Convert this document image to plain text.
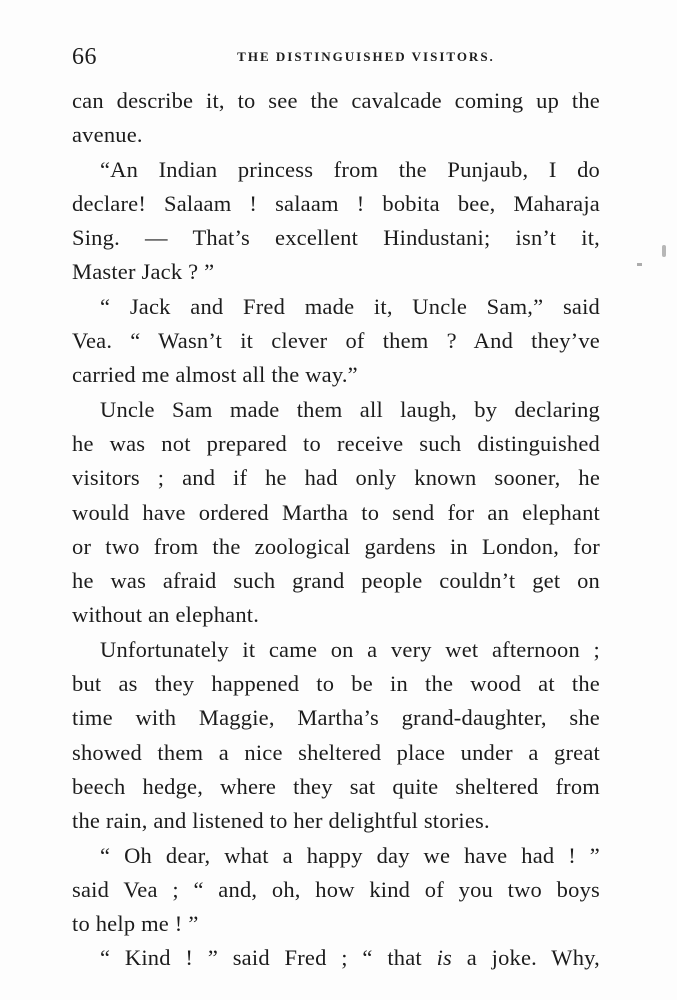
66	THE DISTINGUISHED VISITORS.
can describe it, to see the cavalcade coming up the
avenue.
“An Indian princess from the Punjaub, I do
declare! Salaam ! salaam ! bobita bee, Maharaja
Sing. — That’s excellent Hindustani; isn’t it,
Master Jack ? ”
“ Jack and Fred made it, Uncle Sam,” said
Vea. “ Wasn’t it clever of them ? And they’ve
carried me almost all the way.”
Uncle Sam made them all laugh, by declaring
he was not prepared to receive such distinguished
visitors ; and if he had only known sooner, he
would have ordered Martha to send for an elephant
or two from the zoological gardens in London, for
he was afraid such grand people couldn’t get on
without an elephant.
Unfortunately it came on a very wet afternoon ;
but as they happened to be in the wood at the
time with Maggie, Martha’s grand-daughter, she
showed them a nice sheltered place under a great
beech hedge, where they sat quite sheltered from
the rain, and listened to her delightful stories.
“ Oh dear, what a happy day we have had ! ”
said Vea ; “ and, oh, how kind of you two boys
to help me ! ”
“ Kind ! ” said Fred ; “ that is a joke. Why,
